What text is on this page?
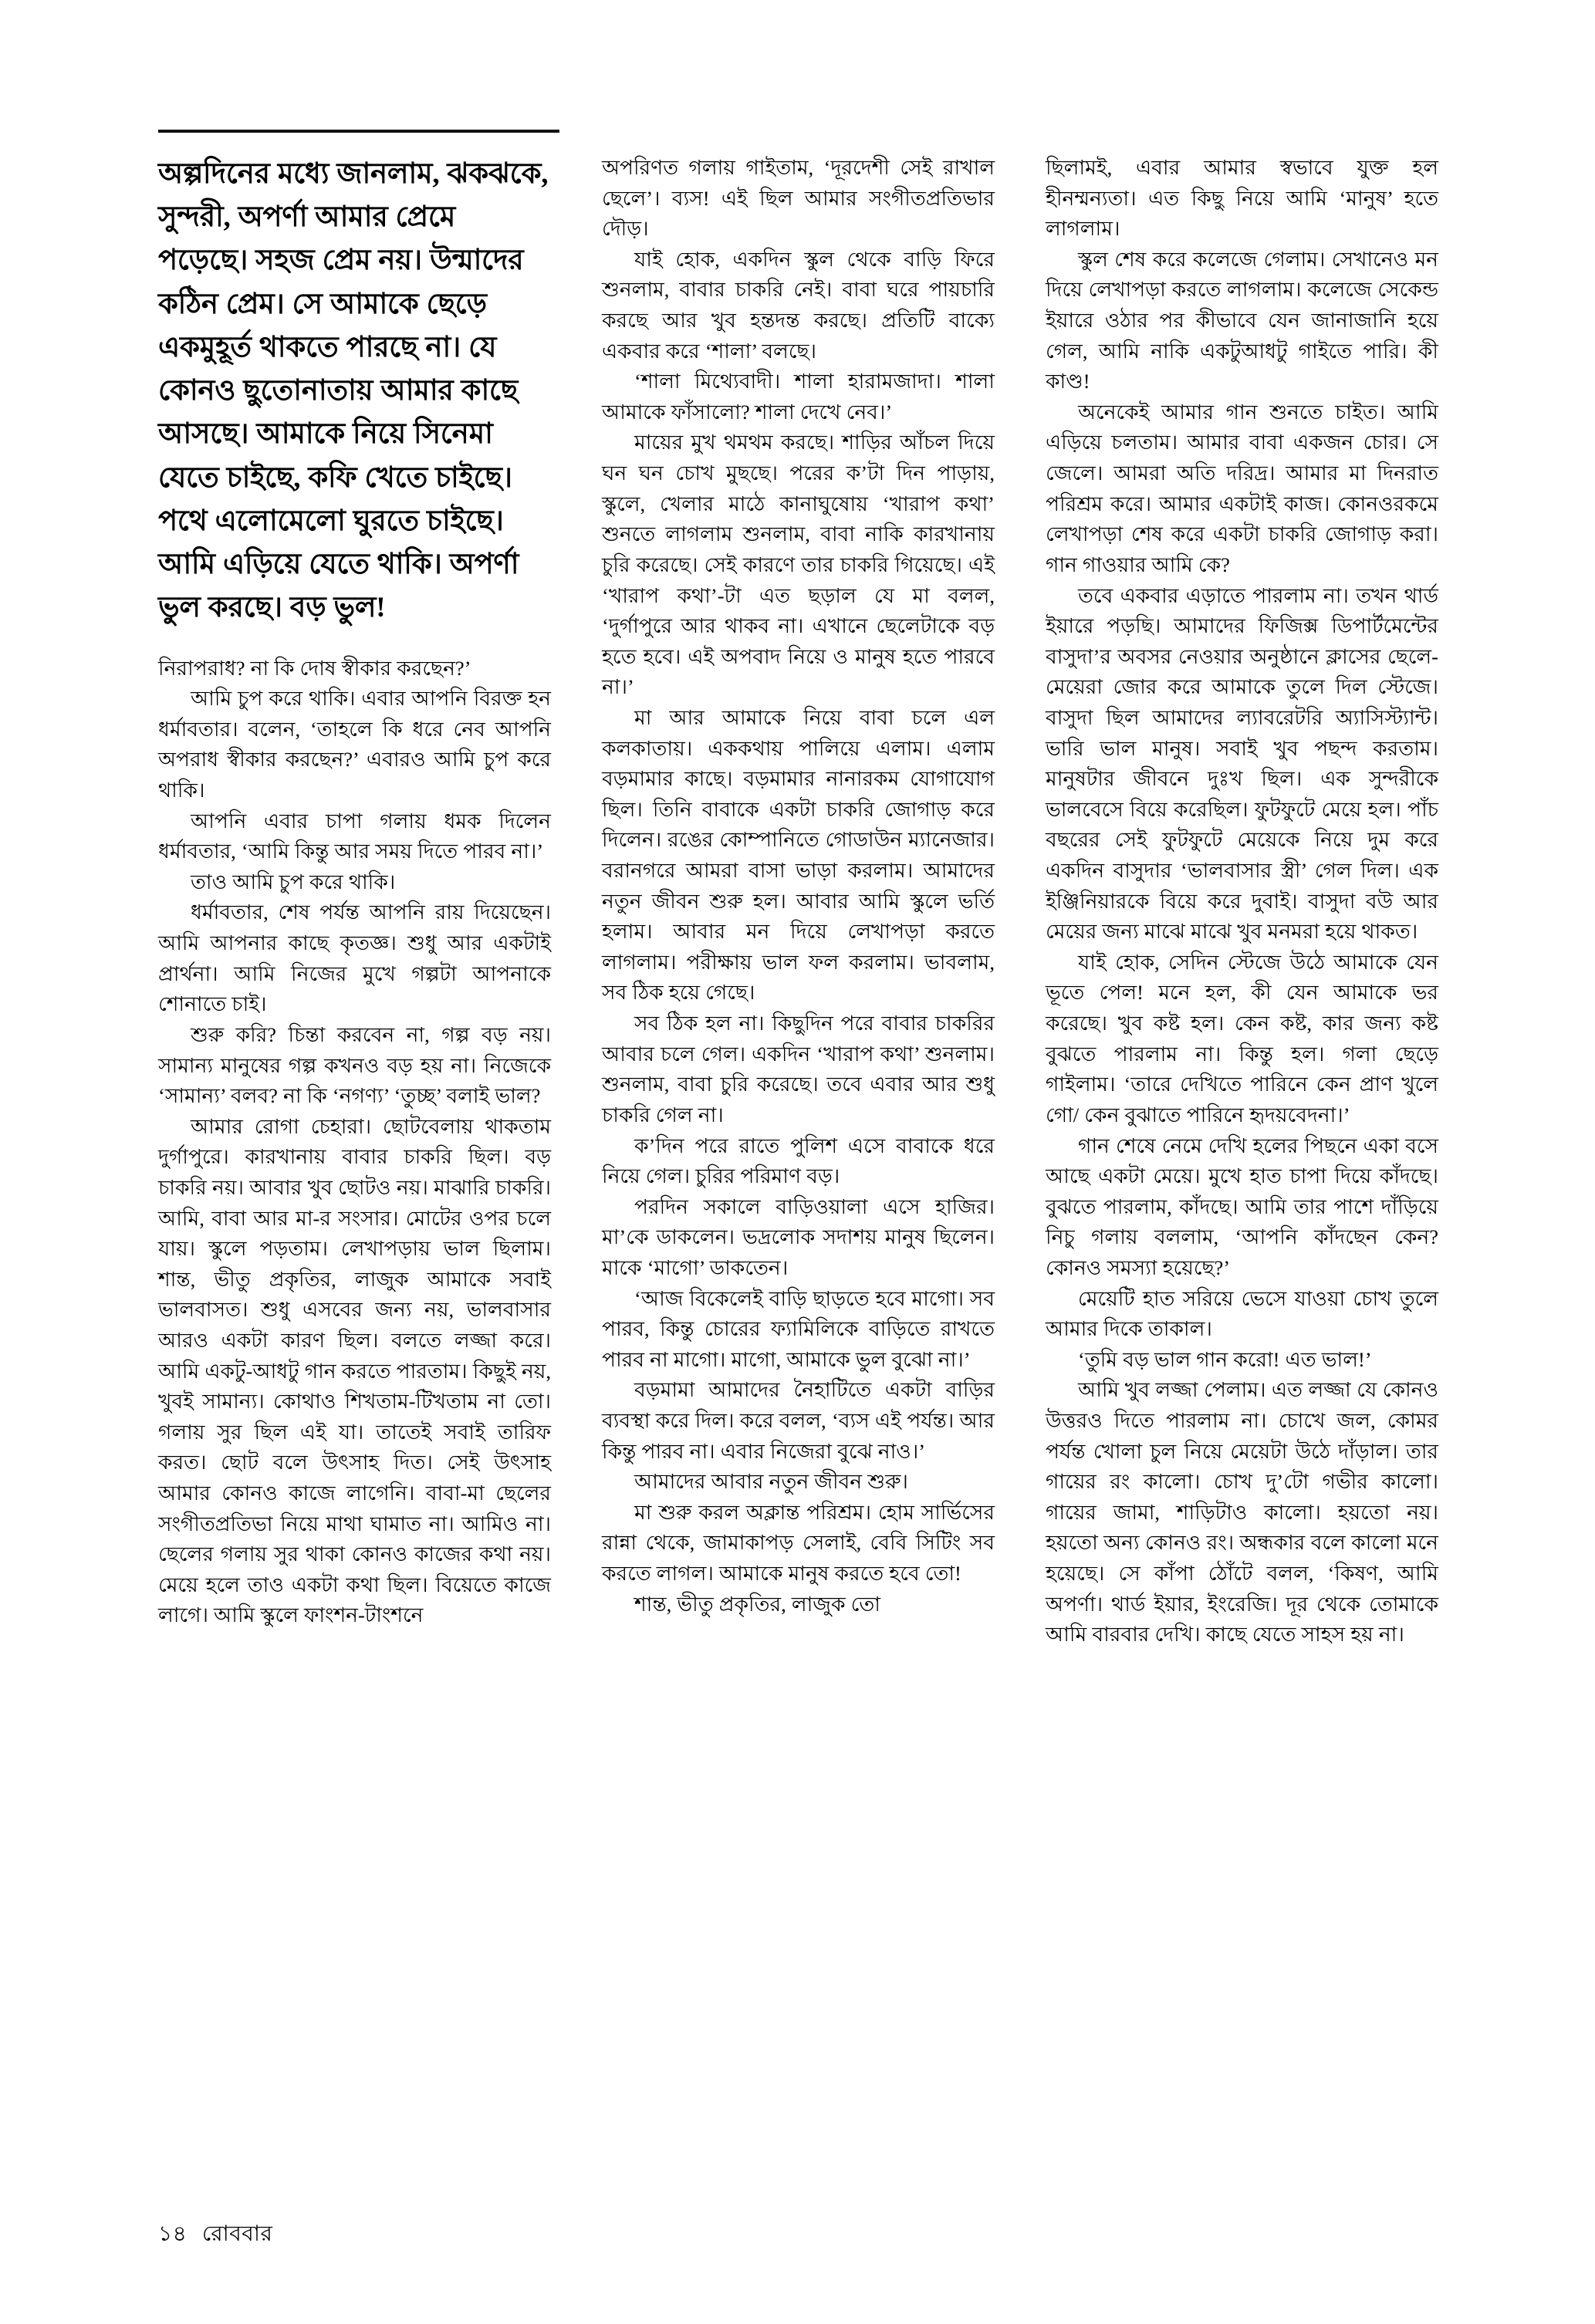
অল্পদিনের মধ্যে জানলাম, ঝকঝকে, সুন্দরী, অপর্ণা আমার প্রেমে পড়েছে। সহজ প্রেম নয়। উন্মাদের কঠিন প্রেম। সে আমাকে ছেড়ে একমুহূর্ত থাকতে পারছে না। যে কোনও ছুতোনাতায় আমার কাছে আসছে। আমাকে নিয়ে সিনেমা যেতে চাইছে, কফি খেতে চাইছে। পথে এলোমেলো ঘুরতে চাইছে। আমি এড়িয়ে যেতে থাকি। অপর্ণা ভুল করছে। বড় ভুল!

নিরাপরাধ? না কি দোষ স্বীকার করছেন?’

আমি চুপ করে থাকি। এবার আপনি বিরক্ত হন ধর্মাবতার। বলেন, ‘তাহলে কি ধরে নেব আপনি অপরাধ স্বীকার করছেন?’ এবারও আমি চুপ করে থাকি।

আপনি এবার চাপা গলায় ধমক দিলেন ধর্মাবতার, ‘আমি কিন্তু আর সময় দিতে পারব না।’

তাও আমি চুপ করে থাকি।

ধর্মাবতার, শেষ পর্যন্ত আপনি রায় দিয়েছেন। আমি আপনার কাছে কৃতজ্ঞ। শুধু আর একটাই প্রার্থনা। আমি নিজের মুখে গল্পটা আপনাকে শোনাতে চাই।

শুরু করি? চিন্তা করবেন না, গল্প বড় নয়। সামান্য মানুষের গল্প কখনও বড় হয় না। নিজেকে ‘সামান্য’ বলব? না কি ‘নগণ্য’ ‘তুচ্ছ’ বলাই ভাল?

আমার রোগা চেহারা। ছোটবেলায় থাকতাম দুর্গাপুরে। কারখানায় বাবার চাকরি ছিল। বড় চাকরি নয়। আবার খুব ছোটও নয়। মাঝারি চাকরি। আমি, বাবা আর মা-র সংসার। মোটের ওপর চলে যায়। স্কুলে পড়তাম। লেখাপড়ায় ভাল ছিলাম। শান্ত, ভীতু প্রকৃতির, লাজুক আমাকে সবাই ভালবাসত। শুধু এসবের জন্য নয়, ভালবাসার আরও একটা কারণ ছিল। বলতে লজ্জা করে। আমি একটু-আধটু গান করতে পারতাম। কিছুই নয়, খুবই সামান্য। কোথাও শিখতাম-টিখতাম না তো। গলায় সুর ছিল এই যা। তাতেই সবাই তারিফ করত। ছোট বলে উৎসাহ দিত। সেই উৎসাহ আমার কোনও কাজে লাগেনি। বাবা-মা ছেলের সংগীতপ্রতিভা নিয়ে মাথা ঘামাত না। আমিও না। ছেলের গলায় সুর থাকা কোনও কাজের কথা নয়। মেয়ে হলে তাও একটা কথা ছিল। বিয়েতে কাজে লাগে। আমি স্কুলে ফাংশন-টাংশনে

অপরিণত গলায় গাইতাম, ‘দূরদেশী সেই রাখাল ছেলে’। ব্যস! এই ছিল আমার সংগীতপ্রতিভার দৌড়।

যাই হোক, একদিন স্কুল থেকে বাড়ি ফিরে শুনলাম, বাবার চাকরি নেই। বাবা ঘরে পায়চারি করছে আর খুব হন্তদন্ত করছে। প্রতিটি বাক্যে একবার করে ‘শালা’ বলছে।

‘শালা মিথ্যেবাদী। শালা হারামজাদা। শালা আমাকে ফাঁসালো? শালা দেখে নেব।’

মায়ের মুখ থমথম করছে। শাড়ির আঁচল দিয়ে ঘন ঘন চোখ মুছছে। পরের ক’টা দিন পাড়ায়, স্কুলে, খেলার মাঠে কানাঘুষোয় ‘খারাপ কথা’ শুনতে লাগলাম শুনলাম, বাবা নাকি কারখানায় চুরি করেছে। সেই কারণে তার চাকরি গিয়েছে। এই ‘খারাপ কথা’-টা এত ছড়াল যে মা বলল, ‘দুর্গাপুরে আর থাকব না। এখানে ছেলেটাকে বড় হতে হবে। এই অপবাদ নিয়ে ও মানুষ হতে পারবে না।’

মা আর আমাকে নিয়ে বাবা চলে এল কলকাতায়। এককথায় পালিয়ে এলাম। এলাম বড়মামার কাছে। বড়মামার নানারকম যোগাযোগ ছিল। তিনি বাবাকে একটা চাকরি জোগাড় করে দিলেন। রঙের কোম্পানিতে গোডাউন ম্যানেজার। বরানগরে আমরা বাসা ভাড়া করলাম। আমাদের নতুন জীবন শুরু হল। আবার আমি স্কুলে ভর্তি হলাম। আবার মন দিয়ে লেখাপড়া করতে লাগলাম। পরীক্ষায় ভাল ফল করলাম। ভাবলাম, সব ঠিক হয়ে গেছে।

সব ঠিক হল না। কিছুদিন পরে বাবার চাকরির আবার চলে গেল। একদিন ‘খারাপ কথা’ শুনলাম। শুনলাম, বাবা চুরি করেছে। তবে এবার আর শুধু চাকরি গেল না।

ক’দিন পরে রাতে পুলিশ এসে বাবাকে ধরে নিয়ে গেল। চুরির পরিমাণ বড়।

পরদিন সকালে বাড়িওয়ালা এসে হাজির। মা’কে ডাকলেন। ভদ্রলোক সদাশয় মানুষ ছিলেন। মাকে ‘মাগো’ ডাকতেন।

‘আজ বিকেলেই বাড়ি ছাড়তে হবে মাগো। সব পারব, কিন্তু চোরের ফ্যামিলিকে বাড়িতে রাখতে পারব না মাগো। মাগো, আমাকে ভুল বুঝো না।’

বড়মামা আমাদের নৈহাটিতে একটা বাড়ির ব্যবস্থা করে দিল। করে বলল, ‘ব্যস এই পর্যন্ত। আর কিন্তু পারব না। এবার নিজেরা বুঝে নাও।’

আমাদের আবার নতুন জীবন শুরু।

মা শুরু করল অক্লান্ত পরিশ্রম। হোম সার্ভিসের রান্না থেকে, জামাকাপড় সেলাই, বেবি সিটিং সব করতে লাগল। আমাকে মানুষ করতে হবে তো!

শান্ত, ভীতু প্রকৃতির, লাজুক তো

ছিলামই, এবার আমার স্বভাবে যুক্ত হল হীনম্মন্যতা। এত কিছু নিয়ে আমি ‘মানুষ’ হতে লাগলাম।

স্কুল শেষ করে কলেজে গেলাম। সেখানেও মন দিয়ে লেখাপড়া করতে লাগলাম। কলেজে সেকেন্ড ইয়ারে ওঠার পর কীভাবে যেন জানাজানি হয়ে গেল, আমি নাকি একটুআধটু গাইতে পারি। কী কাণ্ড!

অনেকেই আমার গান শুনতে চাইত। আমি এড়িয়ে চলতাম। আমার বাবা একজন চোর। সে জেলে। আমরা অতি দরিদ্র। আমার মা দিনরাত পরিশ্রম করে। আমার একটাই কাজ। কোনওরকমে লেখাপড়া শেষ করে একটা চাকরি জোগাড় করা। গান গাওয়ার আমি কে?

তবে একবার এড়াতে পারলাম না। তখন থার্ড ইয়ারে পড়ছি। আমাদের ফিজিক্স ডিপার্টমেন্টের বাসুদা’র অবসর নেওয়ার অনুষ্ঠানে ক্লাসের ছেলে-মেয়েরা জোর করে আমাকে তুলে দিল স্টেজে। বাসুদা ছিল আমাদের ল্যাবরেটরি অ্যাসিস্ট্যান্ট। ভারি ভাল মানুষ। সবাই খুব পছন্দ করতাম। মানুষটার জীবনে দুঃখ ছিল। এক সুন্দরীকে ভালবেসে বিয়ে করেছিল। ফুটফুটে মেয়ে হল। পাঁচ বছরের সেই ফুটফুটে মেয়েকে নিয়ে দুম করে একদিন বাসুদার ‘ভালবাসার স্ত্রী’ গেল দিল। এক ইঞ্জিনিয়ারকে বিয়ে করে দুবাই। বাসুদা বউ আর মেয়ের জন্য মাঝে মাঝে খুব মনমরা হয়ে থাকত।

যাই হোক, সেদিন স্টেজে উঠে আমাকে যেন ভূতে পেল! মনে হল, কী যেন আমাকে ভর করেছে। খুব কষ্ট হল। কেন কষ্ট, কার জন্য কষ্ট বুঝতে পারলাম না। কিন্তু হল। গলা ছেড়ে গাইলাম। ‘তারে দেখিতে পারিনে কেন প্রাণ খুলে গো/ কেন বুঝাতে পারিনে হৃদয়বেদনা।’

গান শেষে নেমে দেখি হলের পিছনে একা বসে আছে একটা মেয়ে। মুখে হাত চাপা দিয়ে কাঁদছে। বুঝতে পারলাম, কাঁদছে। আমি তার পাশে দাঁড়িয়ে নিচু গলায় বললাম, ‘আপনি কাঁদছেন কেন? কোনও সমস্যা হয়েছে?’

মেয়েটি হাত সরিয়ে ভেসে যাওয়া চোখ তুলে আমার দিকে তাকাল।

‘তুমি বড় ভাল গান করো! এত ভাল!’

আমি খুব লজ্জা পেলাম। এত লজ্জা যে কোনও উত্তরও দিতে পারলাম না। চোখে জল, কোমর পর্যন্ত খোলা চুল নিয়ে মেয়েটা উঠে দাঁড়াল। তার গায়ের রং কালো। চোখ দু’টো গভীর কালো। গায়ের জামা, শাড়িটাও কালো। হয়তো নয়। হয়তো অন্য কোনও রং। অন্ধকার বলে কালো মনে হয়েছে। সে কাঁপা ঠোঁটে বলল, ‘কিষণ, আমি অপর্ণা। থার্ড ইয়ার, ইংরেজি। দূর থেকে তোমাকে আমি বারবার দেখি। কাছে যেতে সাহস হয় না।

১৪ রোববার
